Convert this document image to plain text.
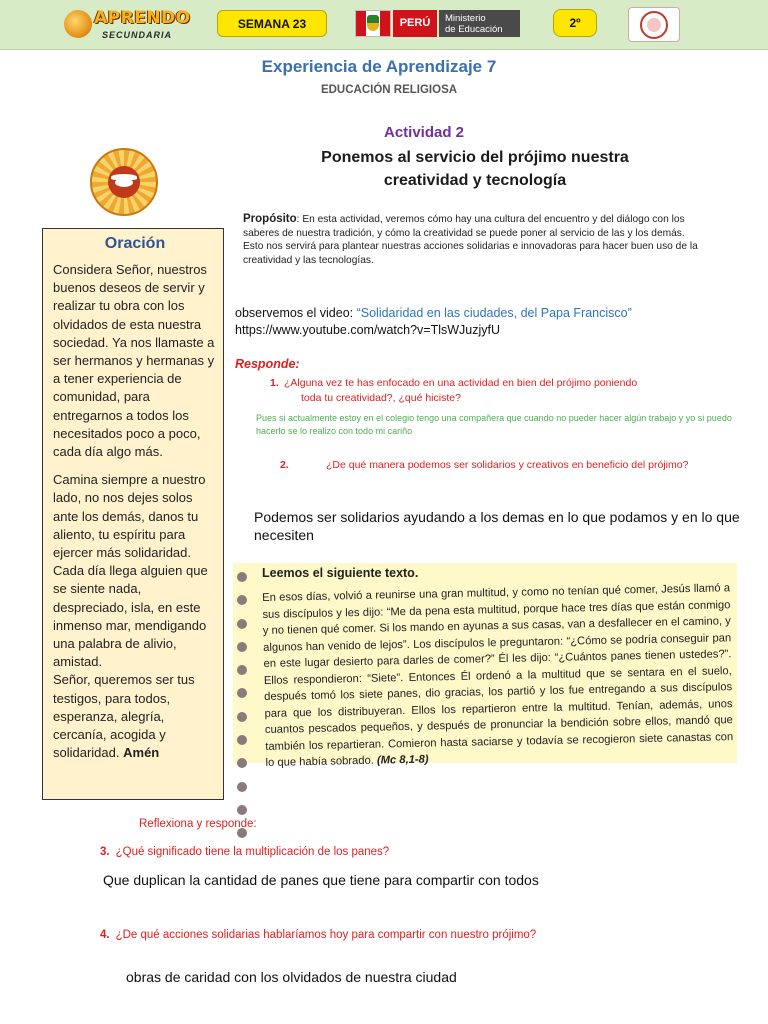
APRENDO
SECUNDARIA
SEMANA 23	PERÚ	Ministerio
de Educación	2º
Experiencia de Aprendizaje 7
EDUCACIÓN RELIGIOSA
Actividad 2
Ponemos al servicio del prójimo nuestra
creatividad y tecnología
Oración

Considera Señor, nuestros buenos deseos de servir y realizar tu obra con los olvidados de esta nuestra sociedad. Ya nos llamaste a ser hermanos y hermanas y a tener experiencia de comunidad, para entregarnos a todos los necesitados poco a poco, cada día algo más.

Camina siempre a nuestro lado, no nos dejes solos ante los demás, danos tu aliento, tu espíritu para ejercer más solidaridad. Cada día llega alguien que se siente nada, despreciado, isla, en este inmenso mar, mendigando una palabra de alivio, amistad.
Señor, queremos ser tus testigos, para todos, esperanza, alegría, cercanía, acogida y solidaridad. Amén

Propósito: En esta actividad, veremos cómo hay una cultura del encuentro y del diálogo con los saberes de nuestra tradición, y cómo la creatividad se puede poner al servicio de las y los demás. Esto nos servirá para plantear nuestras acciones solidarias e innovadoras para hacer buen uso de la creatividad y las tecnologías.
observemos el video: “Solidaridad en las ciudades, del Papa Francisco”
https://www.youtube.com/watch?v=TlsWJuzjyfU
Responde:
1. ¿Alguna vez te has enfocado en una actividad en bien del prójimo poniendo
toda tu creatividad?, ¿qué hiciste?
Pues si actualmente estoy en el colegio tengo una compañera que cuando no pueder hacer algún trabajo y yo si puedo hacerlo se lo realizo con todo mi cariño
2.	¿De qué manera podemos ser solidarios y creativos en beneficio del prójimo?
Podemos ser solidarios ayudando a los demas en lo que podamos y en lo que necesiten
Leemos el siguiente texto.
En esos días, volvió a reunirse una gran multitud, y como no tenían qué comer, Jesús llamó a sus discípulos y les dijo: “Me da pena esta multitud, porque hace tres días que están conmigo y no tienen qué comer. Si los mando en ayunas a sus casas, van a desfallecer en el camino, y algunos han venido de lejos”. Los discípulos le preguntaron: “¿Cómo se podría conseguir pan en este lugar desierto para darles de comer?” Él les dijo: “¿Cuántos panes tienen ustedes?”. Ellos respondieron: “Siete”. Entonces Él ordenó a la multitud que se sentara en el suelo, después tomó los siete panes, dio gracias, los partió y los fue entregando a sus discípulos para que los distribuyeran. Ellos los repartieron entre la multitud. Tenían, además, unos cuantos pescados pequeños, y después de pronunciar la bendición sobre ellos, mandó que también los repartieran. Comieron hasta saciarse y todavía se recogieron siete canastas con lo que había sobrado. (Mc 8,1-8)
Reflexiona y responde:
3. ¿Qué significado tiene la multiplicación de los panes?
Que duplican la cantidad de panes que tiene para compartir con todos
4. ¿De qué acciones solidarias hablaríamos hoy para compartir con nuestro prójimo?
obras de caridad con los olvidados de nuestra ciudad
